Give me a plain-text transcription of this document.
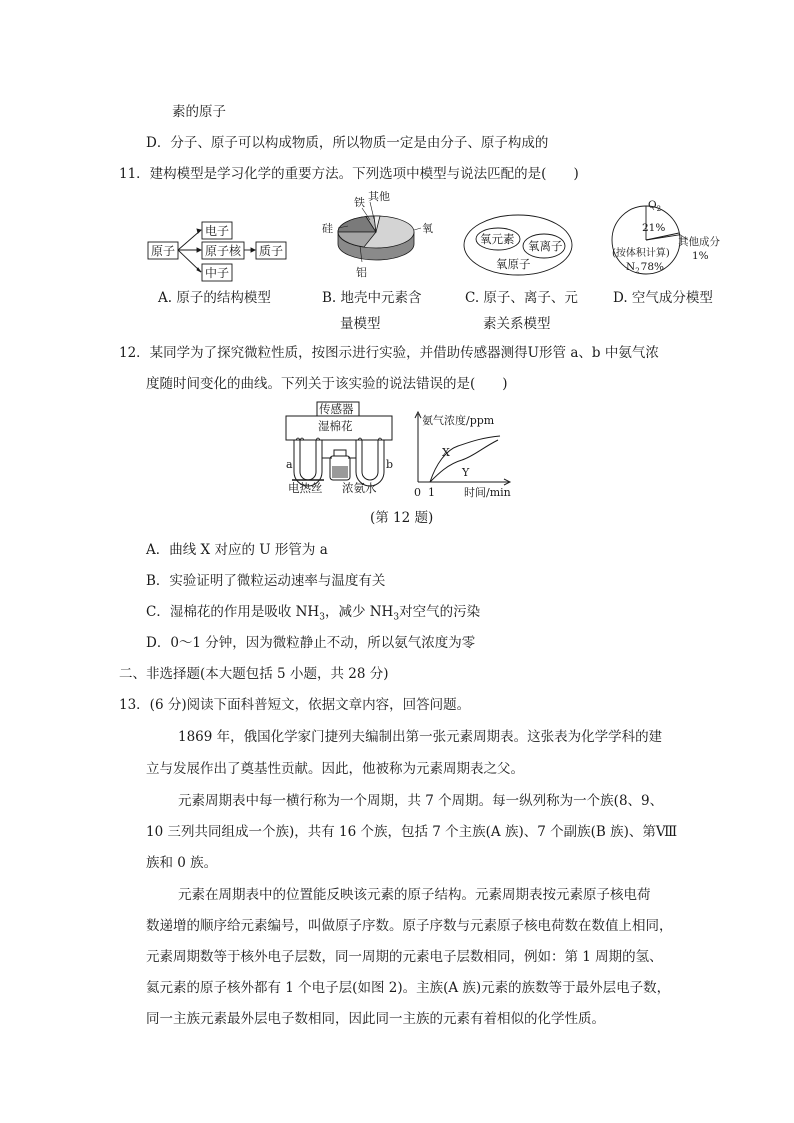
素的原子
D．分子、原子可以构成物质，所以物质一定是由分子、原子构成的
11．建构模型是学习化学的重要方法。下列选项中模型与说法匹配的是(　　)
原子
电子
原子核
中子
质子
铁 其他
硅	氧
铝
氧元素 氧离子
氧原子
$O_2$
21%
其他成分
1%
(按体积计算)
$N_278\%$
A. 原子的结构模型	B. 地壳中元素含
量模型
C. 原子、离子、元
素关系模型
D. 空气成分模型
12．某同学为了探究微粒性质，按图示进行实验，并借助传感器测得U形管 a、b 中氨气浓
度随时间变化的曲线。下列关于该实验的说法错误的是(　　)
传感器
湿棉花
a	b
电热丝 浓氨水
氨气浓度/ppm
X
Y
0 1	时间/min
(第 12 题)
A．曲线 X 对应的 U 形管为 a
B．实验证明了微粒运动速率与温度有关
C．湿棉花的作用是吸收 $NH_3$，减少 $NH_3$对空气的污染
D．0～1 分钟，因为微粒静止不动，所以氨气浓度为零
二、非选择题(本大题包括 5 小题，共 28 分)
13．(6 分)阅读下面科普短文，依据文章内容，回答问题。
1869 年，俄国化学家门捷列夫编制出第一张元素周期表。这张表为化学学科的建
立与发展作出了奠基性贡献。因此，他被称为元素周期表之父。
元素周期表中每一横行称为一个周期，共 7 个周期。每一纵列称为一个族(8、9、
10 三列共同组成一个族)，共有 16 个族，包括 7 个主族(A 族)、7 个副族(B 族)、第Ⅷ
族和 0 族。
元素在周期表中的位置能反映该元素的原子结构。元素周期表按元素原子核电荷
数递增的顺序给元素编号，叫做原子序数。原子序数与元素原子核电荷数在数值上相同，
元素周期数等于核外电子层数，同一周期的元素电子层数相同，例如：第 1 周期的氢、
氦元素的原子核外都有 1 个电子层(如图 2)。主族(A 族)元素的族数等于最外层电子数，
同一主族元素最外层电子数相同，因此同一主族的元素有着相似的化学性质。
